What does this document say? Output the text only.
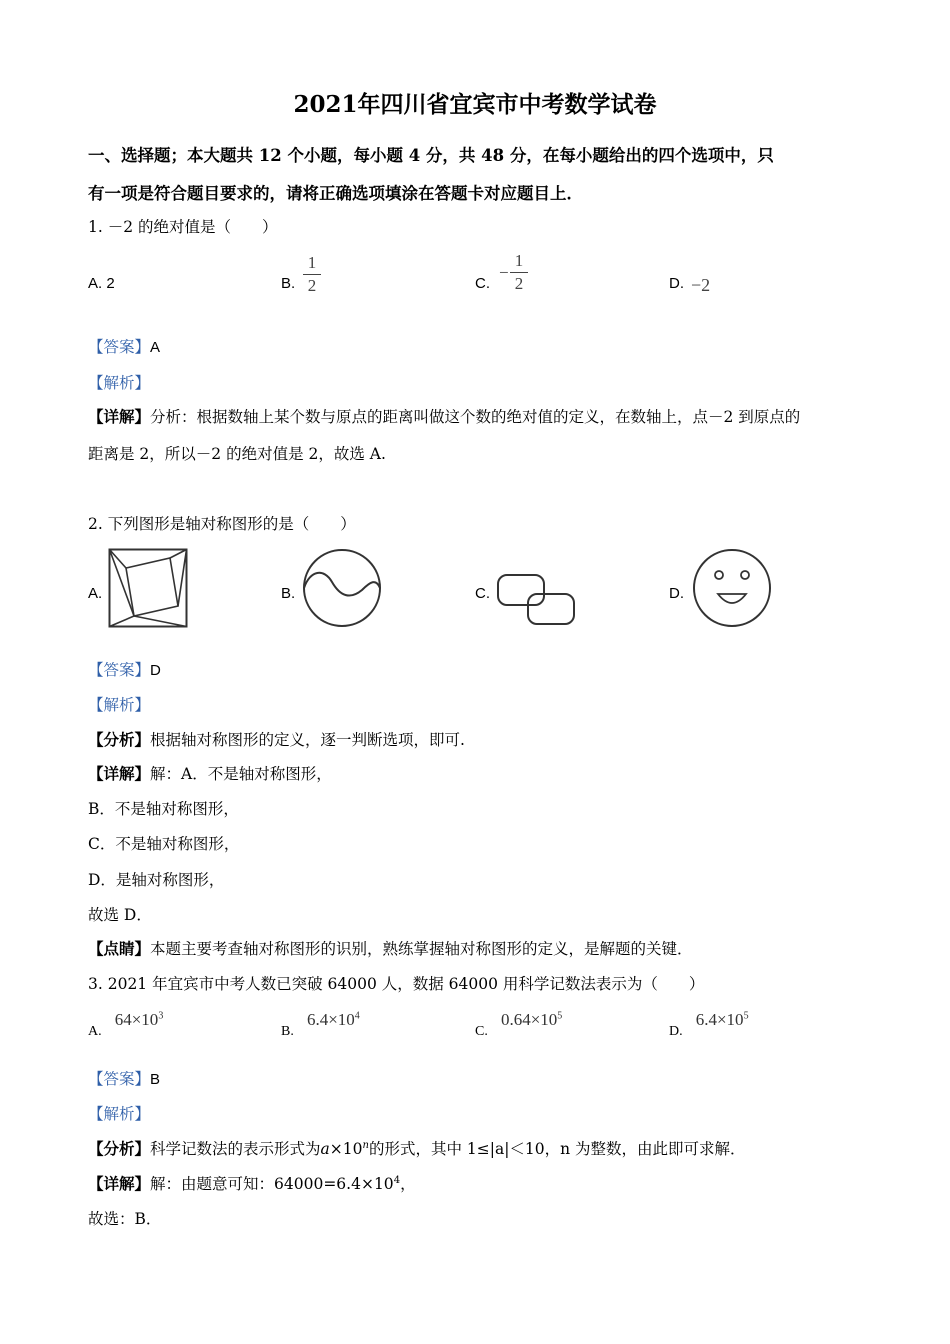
2021年四川省宜宾市中考数学试卷
一、选择题；本大题共 12 个小题，每小题 4 分，共 48 分，在每小题给出的四个选项中，只
有一项是符合题目要求的，请将正确选项填涂在答题卡对应题目上．
1. －2 的绝对值是（　　）
A. 2	B.
1
2	C.
−
1
2	D. −2
【答案】A
【解析】
【详解】分析：根据数轴上某个数与原点的距离叫做这个数的绝对值的定义，在数轴上，点－2 到原点的
距离是 2，所以－2 的绝对值是 2，故选 A.
2. 下列图形是轴对称图形的是（　　）
A.	B.	C.	D.
【答案】D
【解析】
【分析】根据轴对称图形的定义，逐一判断选项，即可.
【详解】解：A．不是轴对称图形，
B．不是轴对称图形，
C．不是轴对称图形，
D．是轴对称图形，
故选 D．
【点睛】本题主要考查轴对称图形的识别，熟练掌握轴对称图形的定义，是解题的关键．
3. 2021 年宜宾市中考人数已突破 64000 人，数据 64000 用科学记数法表示为（　　）
A. $64\times 10^3$
B. $6.4\times 10^4$
C. $0.64\times 10^5$
D. $6.4\times 10^5$
【答案】B
【解析】
【分析】科学记数法的表示形式为$a\times 10^n$的形式，其中 1≤|a|＜10，n 为整数，由此即可求解．
【详解】解：由题意可知：$64000=6.4\times 10^4$，
故选：B．
